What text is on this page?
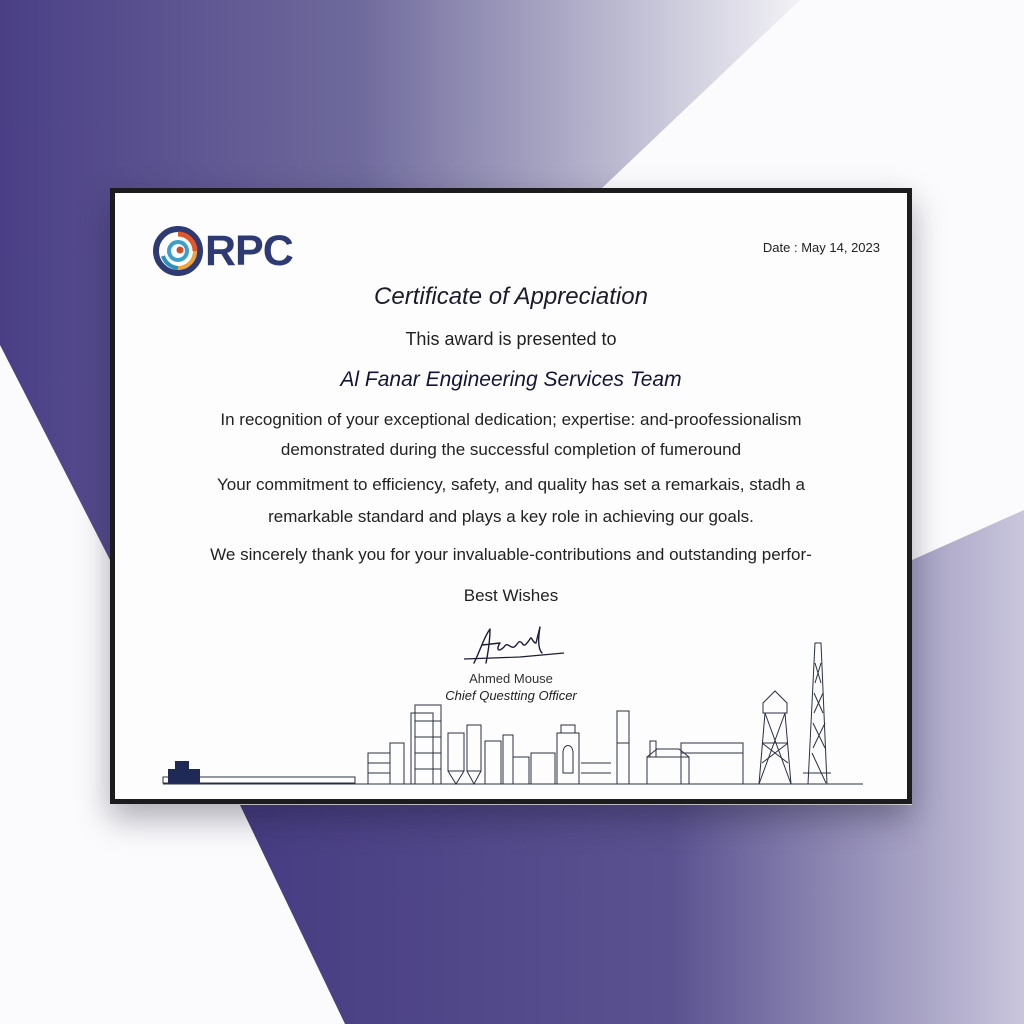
RPC	Date : May 14, 2023
Certificate of Appreciation
This award is presented to
Al Fanar Engineering Services Team
In recognition of your exceptional dedication; expertise: and-proofessionalism
demonstrated during the successful completion of fumeround
Your commitment to efficiency, safety, and quality has set a remarkais, stadh a
remarkable standard and plays a key role in achieving our goals.
We sincerely thank you for your invaluable-contributions and outstanding perfor-
Best Wishes
Ahmed Mouse
Chief Questting Officer
